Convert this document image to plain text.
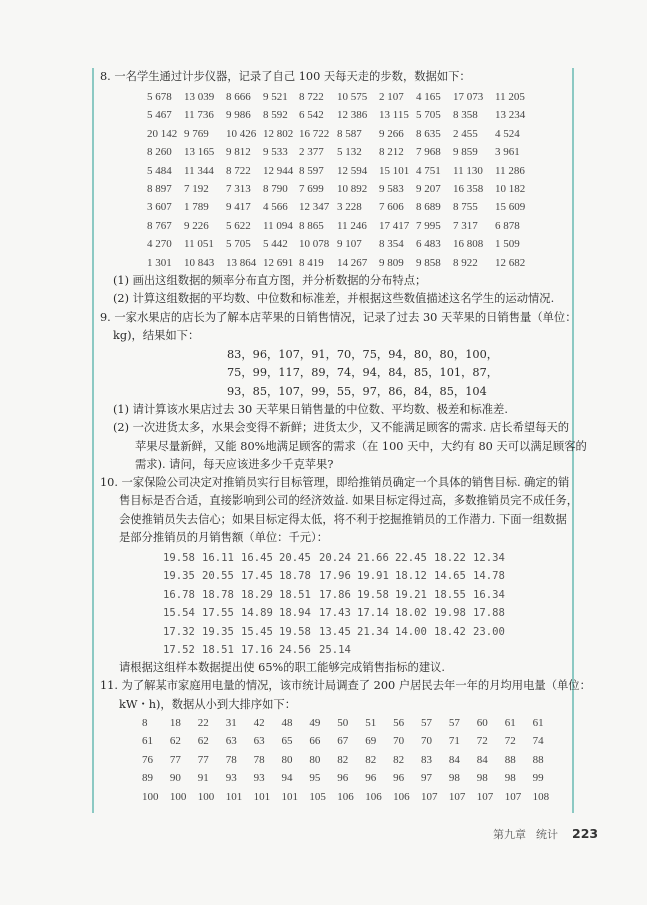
8. 一名学生通过计步仪器，记录了自己 100 天每天走的步数，数据如下：
5 678 13 039 8 666 9 521 8 722 10 575 2 107 4 165 17 073 11 205
5 467 11 736 9 986 8 592 6 542 12 386 13 115 5 705 8 358 13 234
20 142 9 769 10 426 12 802 16 722 8 587 9 266 8 635 2 455 4 524
8 260 13 165 9 812 9 533 2 377 5 132 8 212 7 968 9 859 3 961
5 484 11 344 8 722 12 944 8 597 12 594 15 101 4 751 11 130 11 286
8 897 7 192 7 313 8 790 7 699 10 892 9 583 9 207 16 358 10 182
3 607 1 789 9 417 4 566 12 347 3 228 7 606 8 689 8 755 15 609
8 767 9 226 5 622 11 094 8 865 11 246 17 417 7 995 7 317 6 878
4 270 11 051 5 705 5 442 10 078 9 107 8 354 6 483 16 808 1 509
1 301 10 843 13 864 12 691 8 419 14 267 9 809 9 858 8 922 12 682
(1) 画出这组数据的频率分布直方图，并分析数据的分布特点；
(2) 计算这组数据的平均数、中位数和标准差，并根据这些数值描述这名学生的运动情况.
9. 一家水果店的店长为了解本店苹果的日销售情况，记录了过去 30 天苹果的日销售量（单位：
kg)，结果如下：
83，96，107，91，70，75，94，80，80，100，
75，99，117，89，74，94，84，85，101，87，
93，85，107，99，55，97，86，84，85，104
(1) 请计算该水果店过去 30 天苹果日销售量的中位数、平均数、极差和标准差.
(2) 一次进货太多，水果会变得不新鲜；进货太少，又不能满足顾客的需求. 店长希望每天的
苹果尽量新鲜，又能 80%地满足顾客的需求（在 100 天中，大约有 80 天可以满足顾客的
需求). 请问，每天应该进多少千克苹果?
10. 一家保险公司决定对推销员实行目标管理，即给推销员确定一个具体的销售目标. 确定的销
售目标是否合适，直接影响到公司的经济效益. 如果目标定得过高，多数推销员完不成任务，
会使推销员失去信心；如果目标定得太低，将不利于挖掘推销员的工作潜力. 下面一组数据
是部分推销员的月销售额（单位：千元）：
19.58 16.11 16.45 20.45 20.24 21.66 22.45 18.22 12.34
19.35 20.55 17.45 18.78 17.96 19.91 18.12 14.65 14.78
16.78 18.78 18.29 18.51 17.86 19.58 19.21 18.55 16.34
15.54 17.55 14.89 18.94 17.43 17.14 18.02 19.98 17.88
17.32 19.35 15.45 19.58 13.45 21.34 14.00 18.42 23.00
17.52 18.51 17.16 24.56 25.14
请根据这组样本数据提出使 65%的职工能够完成销售指标的建议.
11. 为了解某市家庭用电量的情况，该市统计局调查了 200 户居民去年一年的月均用电量（单位：
kW・h)，数据从小到大排序如下：
8 18 22 31 42 48 49 50 51 56 57 57 60 61 61
61 62 62 63 63 65 66 67 69 70 70 71 72 72 74
76 77 77 78 78 80 80 82 82 82 83 84 84 88 88
89 90 91 93 93 94 95 96 96 96 97 98 98 98 99
100 100 100 101 101 101 105 106 106 106 107 107 107 107 108
第九章 统计 223
